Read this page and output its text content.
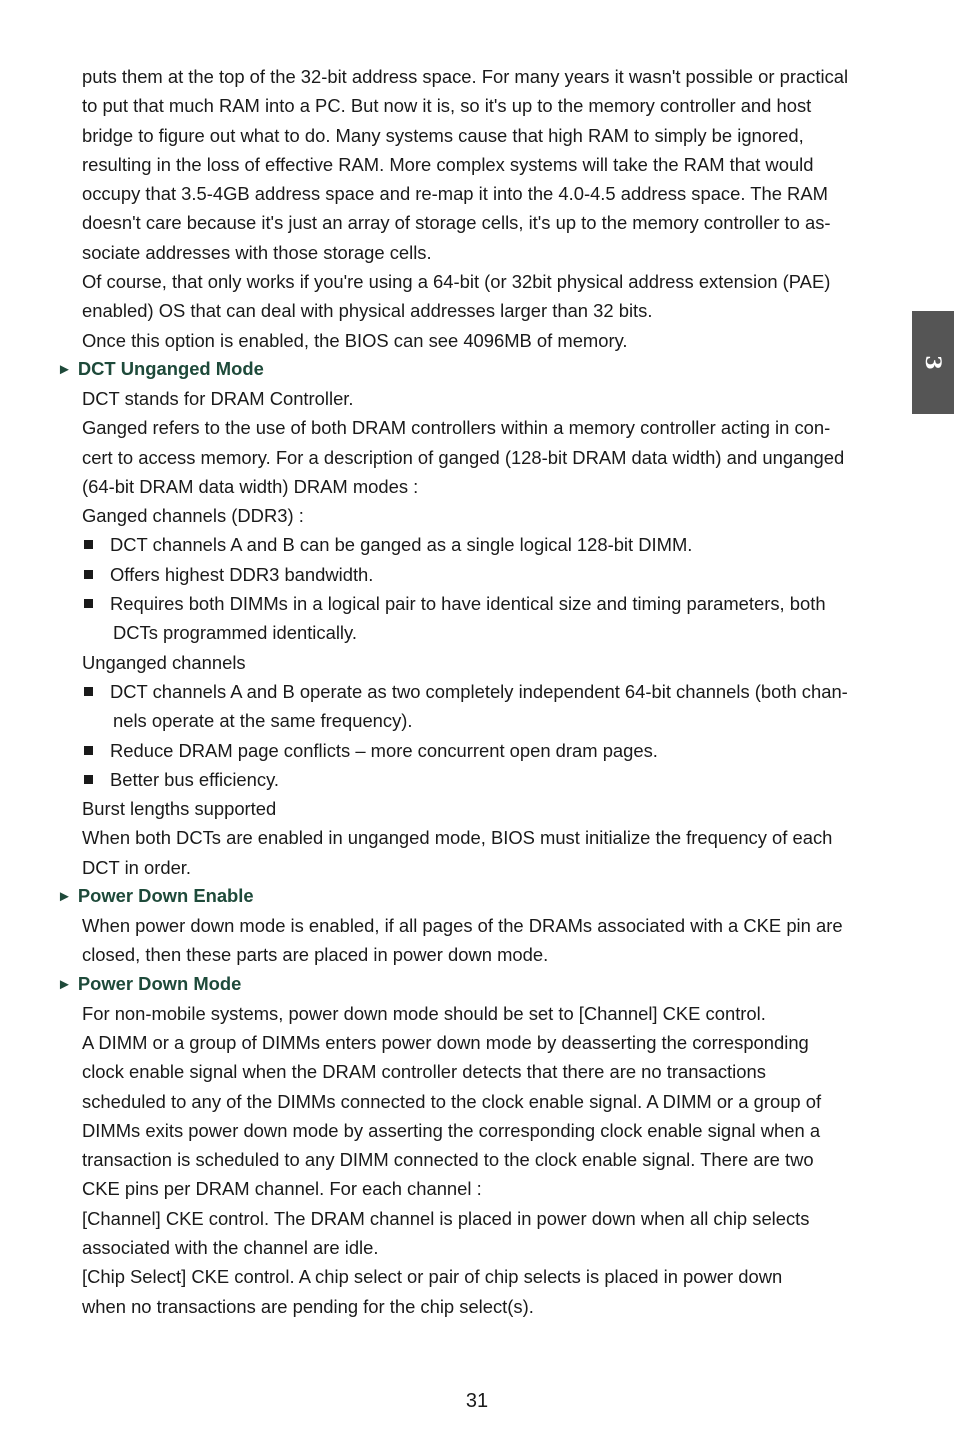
puts them at the top of the 32-bit address space. For many years it wasn't possible or practical
to put that much RAM into a PC. But now it is, so it's up to the memory controller and host
bridge to figure out what to do. Many systems cause that high RAM to simply be ignored,
resulting in the loss of effective RAM. More complex systems will take the RAM that would
occupy that 3.5-4GB address space and re-map it into the 4.0-4.5 address space. The RAM
doesn't care because it's just an array of storage cells, it's up to the memory controller to as-
sociate addresses with those storage cells.
Of course, that only works if you're using a 64-bit (or 32bit physical address extension (PAE)
enabled) OS that can deal with physical addresses larger than 32 bits.
Once this option is enabled, the BIOS can see 4096MB of memory.
► DCT Unganged Mode
DCT stands for DRAM Controller.
Ganged refers to the use of both DRAM controllers within a memory controller acting in con-
cert to access memory. For a description of ganged (128-bit DRAM data width) and unganged
(64-bit DRAM data width) DRAM modes :
Ganged channels (DDR3) :
DCT channels A and B can be ganged as a single logical 128-bit DIMM.
Offers highest DDR3 bandwidth.
Requires both DIMMs in a logical pair to have identical size and timing parameters, both
DCTs programmed identically.
Unganged channels
DCT channels A and B operate as two completely independent 64-bit channels (both chan-
nels operate at the same frequency).
Reduce DRAM page conflicts – more concurrent open dram pages.
Better bus efficiency.
Burst lengths supported
When both DCTs are enabled in unganged mode, BIOS must initialize the frequency of each
DCT in order.
► Power Down Enable
When power down mode is enabled, if all pages of the DRAMs associated with a CKE pin are
closed, then these parts are placed in power down mode.
► Power Down Mode
For non-mobile systems, power down mode should be set to [Channel] CKE control.
A DIMM or a group of DIMMs enters power down mode by deasserting the corresponding
clock enable signal when the DRAM controller detects that there are no transactions
scheduled to any of the DIMMs connected to the clock enable signal. A DIMM or a group of
DIMMs exits power down mode by asserting the corresponding clock enable signal when a
transaction is scheduled to any DIMM connected to the clock enable signal. There are two
CKE pins per DRAM channel. For each channel :
[Channel] CKE control. The DRAM channel is placed in power down when all chip selects
associated with the channel are idle.
[Chip Select] CKE control. A chip select or pair of chip selects is placed in power down
when no transactions are pending for the chip select(s).
3
31
